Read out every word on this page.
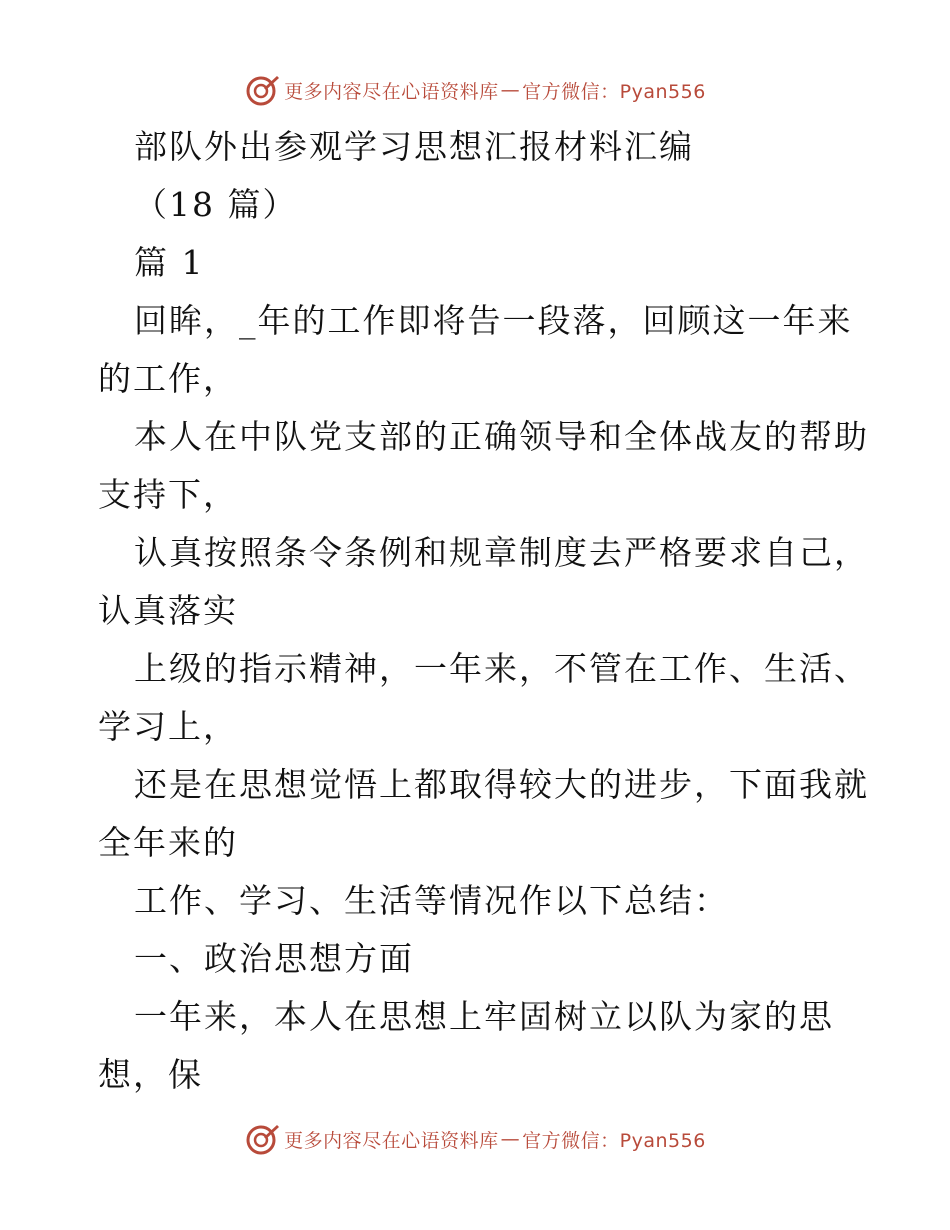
更多内容尽在心语资料库 — 官方微信：Pyan556

部队外出参观学习思想汇报材料汇编

（18 篇）

篇 1

回眸，_年的工作即将告一段落，回顾这一年来
的工作，

本人在中队党支部的正确领导和全体战友的帮助
支持下，

认真按照条令条例和规章制度去严格要求自己，
认真落实

上级的指示精神，一年来，不管在工作、生活、
学习上，

还是在思想觉悟上都取得较大的进步，下面我就
全年来的

工作、学习、生活等情况作以下总结：

一、政治思想方面

一年来，本人在思想上牢固树立以队为家的思
想，保

更多内容尽在心语资料库 — 官方微信：Pyan556
